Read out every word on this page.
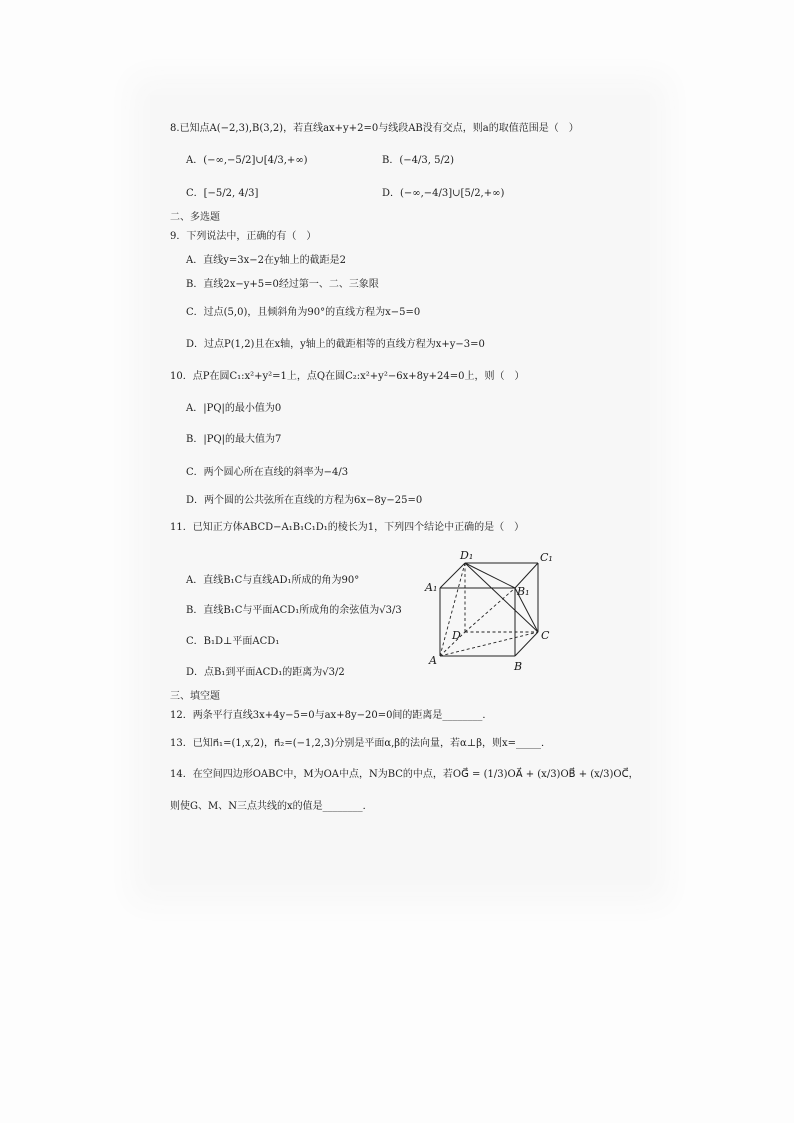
8.已知点A(−2,3),B(3,2)，若直线ax+y+2=0与线段AB没有交点，则a的取值范围是（　）
A．(−∞,−5/2]∪[4/3,+∞)	B．(−4/3, 5/2)
C．[−5/2, 4/3]	D．(−∞,−4/3]∪[5/2,+∞)
二、多选题
9．下列说法中，正确的有（　）
A．直线y=3x−2在y轴上的截距是2
B．直线2x−y+5=0经过第一、二、三象限
C．过点(5,0)，且倾斜角为90°的直线方程为x−5=0
D．过点P(1,2)且在x轴，y轴上的截距相等的直线方程为x+y−3=0
10．点P在圆C₁:x²+y²=1上，点Q在圆C₂:x²+y²−6x+8y+24=0上，则（　）
A．|PQ|的最小值为0
B．|PQ|的最大值为7
C．两个圆心所在直线的斜率为−4/3
D．两个圆的公共弦所在直线的方程为6x−8y−25=0
11．已知正方体ABCD−A₁B₁C₁D₁的棱长为1，下列四个结论中正确的是（　）
A．直线B₁C与直线AD₁所成的角为90°
B．直线B₁C与平面ACD₁所成角的余弦值为√3/3
C．B₁D⊥平面ACD₁
D．点B₁到平面ACD₁的距离为√3/2
D₁	C₁
A₁	B₁
D	C
A	B
三、填空题
12．两条平行直线3x+4y−5=0与ax+8y−20=0间的距离是________．
13．已知n⃗₁=(1,x,2)，n⃗₂=(−1,2,3)分别是平面α,β的法向量，若α⊥β，则x=_____．
14．在空间四边形OABC中，M为OA中点，N为BC的中点，若OG⃗ = (1/3)OA⃗ + (x/3)OB⃗ + (x/3)OC⃗，
则使G、M、N三点共线的x的值是________．
